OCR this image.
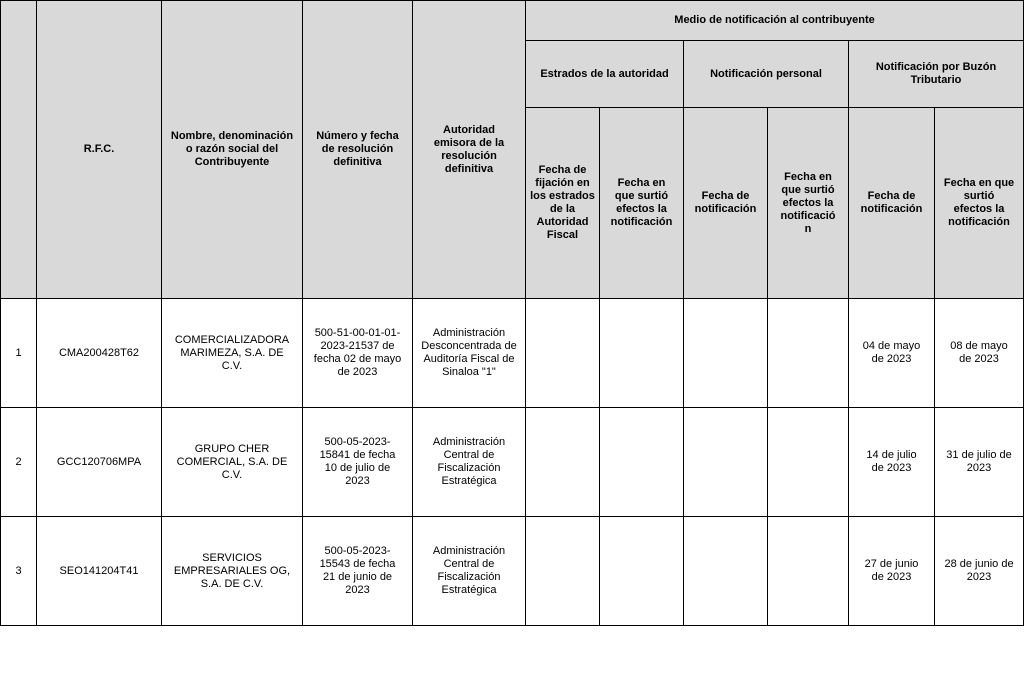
	R.F.C.	Nombre, denominación o razón social del Contribuyente	Número y fecha de resolución definitiva	Autoridad emisora de la resolución definitiva	Medio de notificación al contribuyente					
					Estrados de la autoridad		Notificación personal		Notificación por Buzón Tributario	
					Fecha de fijación en los estrados de la Autoridad Fiscal	Fecha en que surtió efectos la notificación	Fecha de notificación	Fecha en que surtió efectos la notificació n	Fecha de notificación	Fecha en que surtió efectos la notificación
1	CMA200428T62	COMERCIALIZADORA MARIMEZA, S.A. DE C.V.	500-51-00-01-01-2023-21537 de fecha 02 de mayo de 2023	Administración Desconcentrada de Auditoría Fiscal de Sinaloa "1"					04 de mayo de 2023	08 de mayo de 2023
2	GCC120706MPA	GRUPO CHER COMERCIAL, S.A. DE C.V.	500-05-2023-15841 de fecha 10 de julio de 2023	Administración Central de Fiscalización Estratégica					14 de julio de 2023	31 de julio de 2023
3	SEO141204T41	SERVICIOS EMPRESARIALES OG, S.A. DE C.V.	500-05-2023-15543 de fecha 21 de junio de 2023	Administración Central de Fiscalización Estratégica					27 de junio de 2023	28 de junio de 2023
